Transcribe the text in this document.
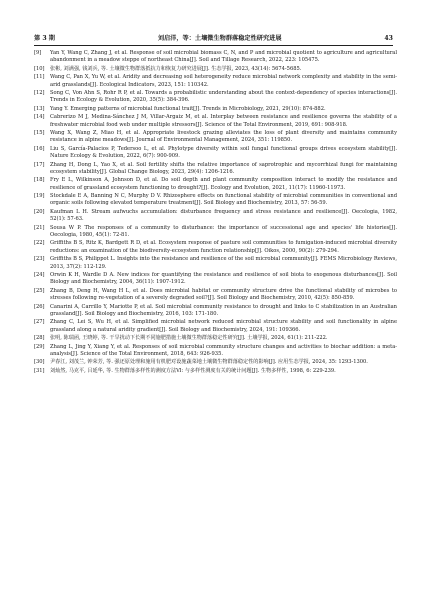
第 3 期	刘启洋，等：土壤微生物群落稳定性研究进展	43
[9]	Yan Y, Wang C, Zhang J, et al. Response of soil microbial biomass C, N, and P and microbial quotient to agriculture and agricultural abandonment in a meadow steppe of northeast China[J]. Soil and Tillage Research, 2022, 223: 105475.
[10]	张彬, 刘满强, 钱刘兵, 等. 土壤微生物群落抵抗力和恢复力研究进展[J]. 生态学报, 2023, 43(14): 5674-5685.
[11]	Wang C, Pan X, Yu W, et al. Aridity and decreasing soil heterogeneity reduce microbial network complexity and stability in the semi-arid grasslands[J]. Ecological Indicators, 2023, 151: 110342.
[12]	Song C, Von Ahn S, Rohr R P, et al. Towards a probabilistic understanding about the context-dependency of species interactions[J]. Trends in Ecology & Evolution, 2020, 35(5): 384-396.
[13]	Yang Y. Emerging patterns of microbial functional trait[J]. Trends in Microbiology, 2021, 29(10): 874-882.
[14]	Cabrerizo M J, Medina-Sánchez J M, Villar-Argaiz M, et al. Interplay between resistance and resilience governs the stability of a freshwater microbial food web under multiple stressors[J]. Science of the Total Environment, 2019, 691: 908-918.
[15]	Wang X, Wang Z, Miao H, et al. Appropriate livestock grazing alleviates the loss of plant diversity and maintains community resistance in alpine meadows[J]. Journal of Environmental Management, 2024, 351: 119850.
[16]	Liu S, García-Palacios P, Tedersoo L, et al. Phylotype diversity within soil fungal functional groups drives ecosystem stability[J]. Nature Ecology & Evolution, 2022, 6(7): 900-909.
[17]	Zhang H, Dong L, Yao X, et al. Soil fertility shifts the relative importance of saprotrophic and mycorrhizal fungi for maintaining ecosystem stability[J]. Global Change Biology, 2023, 29(4): 1206-1216.
[18]	Fry E L, Wilkinson A, Johnson D, et al. Do soil depth and plant community composition interact to modify the resistance and resilience of grassland ecosystem functioning to drought?[J]. Ecology and Evolution, 2021, 11(17): 11960-11973.
[19]	Stockdale E A, Banning N C, Murphy D V. Rhizosphere effects on functional stability of microbial communities in conventional and organic soils following elevated temperature treatment[J]. Soil Biology and Biochemistry, 2013, 57: 56-59.
[20]	Kaufman L H. Stream aufwuchs accumulation: disturbance frequency and stress resistance and resilience[J]. Oecologia, 1982, 52(1): 57-63.
[21]	Sousa W P. The responses of a community to disturbance: the importance of successional age and species' life histories[J]. Oecologia, 1980, 45(1): 72-81.
[22]	Griffiths B S, Ritz K, Bardgett R D, et al. Ecosystem response of pasture soil communities to fumigation-induced microbial diversity reductions: an examination of the biodiversity-ecosystem function relationship[J]. Oikos, 2000, 90(2): 279-294.
[23]	Griffiths B S, Philippot L. Insights into the resistance and resilience of the soil microbial community[J]. FEMS Microbiology Reviews, 2013, 37(2): 112-129.
[24]	Orwin K H, Wardle D A. New indices for quantifying the resistance and resilience of soil biota to exogenous disturbances[J]. Soil Biology and Biochemistry, 2004, 36(11): 1907-1912.
[25]	Zhang B, Deng H, Wang H L, et al. Does microbial habitat or community structure drive the functional stability of microbes to stresses following re-vegetation of a severely degraded soil?[J]. Soil Biology and Biochemistry, 2010, 42(5): 850-859.
[26]	Canarini A, Carrillo Y, Mariotte P, et al. Soil microbial community resistance to drought and links to C stabilization in an Australian grassland[J]. Soil Biology and Biochemistry, 2016, 103: 171-180.
[27]	Zhang C, Lei S, Wu H, et al. Simplified microbial network reduced microbial structure stability and soil functionality in alpine grassland along a natural aridity gradient[J]. Soil Biology and Biochemistry, 2024, 191: 109366.
[28]	张明, 陈瑞函, 王晓婷, 等. 干旱扰动下长期不同施肥措施土壤微生物群落稳定性研究[J]. 土壤学报, 2024, 61(1): 211-222.
[29]	Zhang L, Jing Y, Xiang Y, et al. Responses of soil microbial community structure changes and activities to biochar addition: a meta-analysis[J]. Science of the Total Environment, 2018, 643: 926-935.
[30]	尹春江, 刘茂兰, 钟荣芳, 等. 强还原处理和施用有机肥对设施蔬菜地土壤微生物群落稳定性的影响[J]. 应用生态学报, 2024, 35: 1293-1300.
[31]	刘灿然, 马克平, 吕延华, 等. 生物群落多样性的测度方法Ⅵ: 与多样性测度有关的统计问题[J]. 生物多样性, 1998, 6: 229-239.
